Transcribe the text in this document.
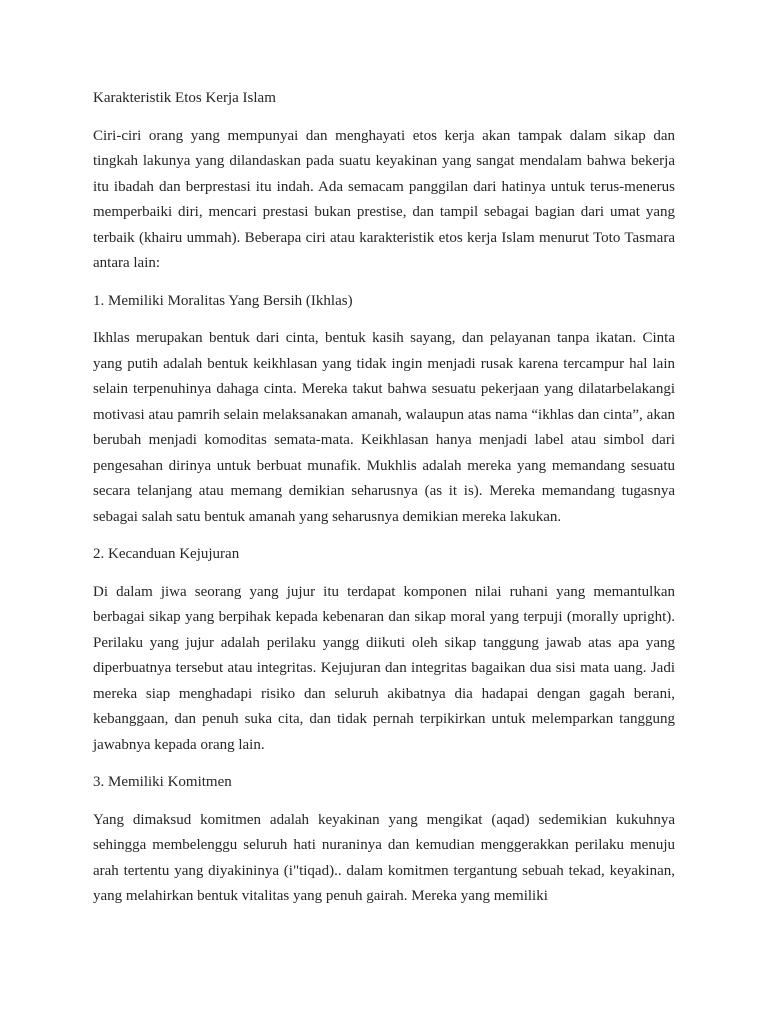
Karakteristik Etos Kerja Islam

Ciri-ciri orang yang mempunyai dan menghayati etos kerja akan tampak dalam sikap dan tingkah lakunya yang dilandaskan pada suatu keyakinan yang sangat mendalam bahwa bekerja itu ibadah dan berprestasi itu indah. Ada semacam panggilan dari hatinya untuk terus-menerus memperbaiki diri, mencari prestasi bukan prestise, dan tampil sebagai bagian dari umat yang terbaik (khairu ummah). Beberapa ciri atau karakteristik etos kerja Islam menurut Toto Tasmara antara lain:

1. Memiliki Moralitas Yang Bersih (Ikhlas)

Ikhlas merupakan bentuk dari cinta, bentuk kasih sayang, dan pelayanan tanpa ikatan. Cinta yang putih adalah bentuk keikhlasan yang tidak ingin menjadi rusak karena tercampur hal lain selain terpenuhinya dahaga cinta. Mereka takut bahwa sesuatu pekerjaan yang dilatarbelakangi motivasi atau pamrih selain melaksanakan amanah, walaupun atas nama “ikhlas dan cinta”, akan berubah menjadi komoditas semata-mata. Keikhlasan hanya menjadi label atau simbol dari pengesahan dirinya untuk berbuat munafik. Mukhlis adalah mereka yang memandang sesuatu secara telanjang atau memang demikian seharusnya (as it is). Mereka memandang tugasnya sebagai salah satu bentuk amanah yang seharusnya demikian mereka lakukan.

2. Kecanduan Kejujuran

Di dalam jiwa seorang yang jujur itu terdapat komponen nilai ruhani yang memantulkan berbagai sikap yang berpihak kepada kebenaran dan sikap moral yang terpuji (morally upright). Perilaku yang jujur adalah perilaku yangg diikuti oleh sikap tanggung jawab atas apa yang diperbuatnya tersebut atau integritas. Kejujuran dan integritas bagaikan dua sisi mata uang. Jadi mereka siap menghadapi risiko dan seluruh akibatnya dia hadapai dengan gagah berani, kebanggaan, dan penuh suka cita, dan tidak pernah terpikirkan untuk melemparkan tanggung jawabnya kepada orang lain.

3. Memiliki Komitmen

Yang dimaksud komitmen adalah keyakinan yang mengikat (aqad) sedemikian kukuhnya sehingga membelenggu seluruh hati nuraninya dan kemudian menggerakkan perilaku menuju arah tertentu yang diyakininya (i"tiqad).. dalam komitmen tergantung sebuah tekad, keyakinan, yang melahirkan bentuk vitalitas yang penuh gairah. Mereka yang memiliki
